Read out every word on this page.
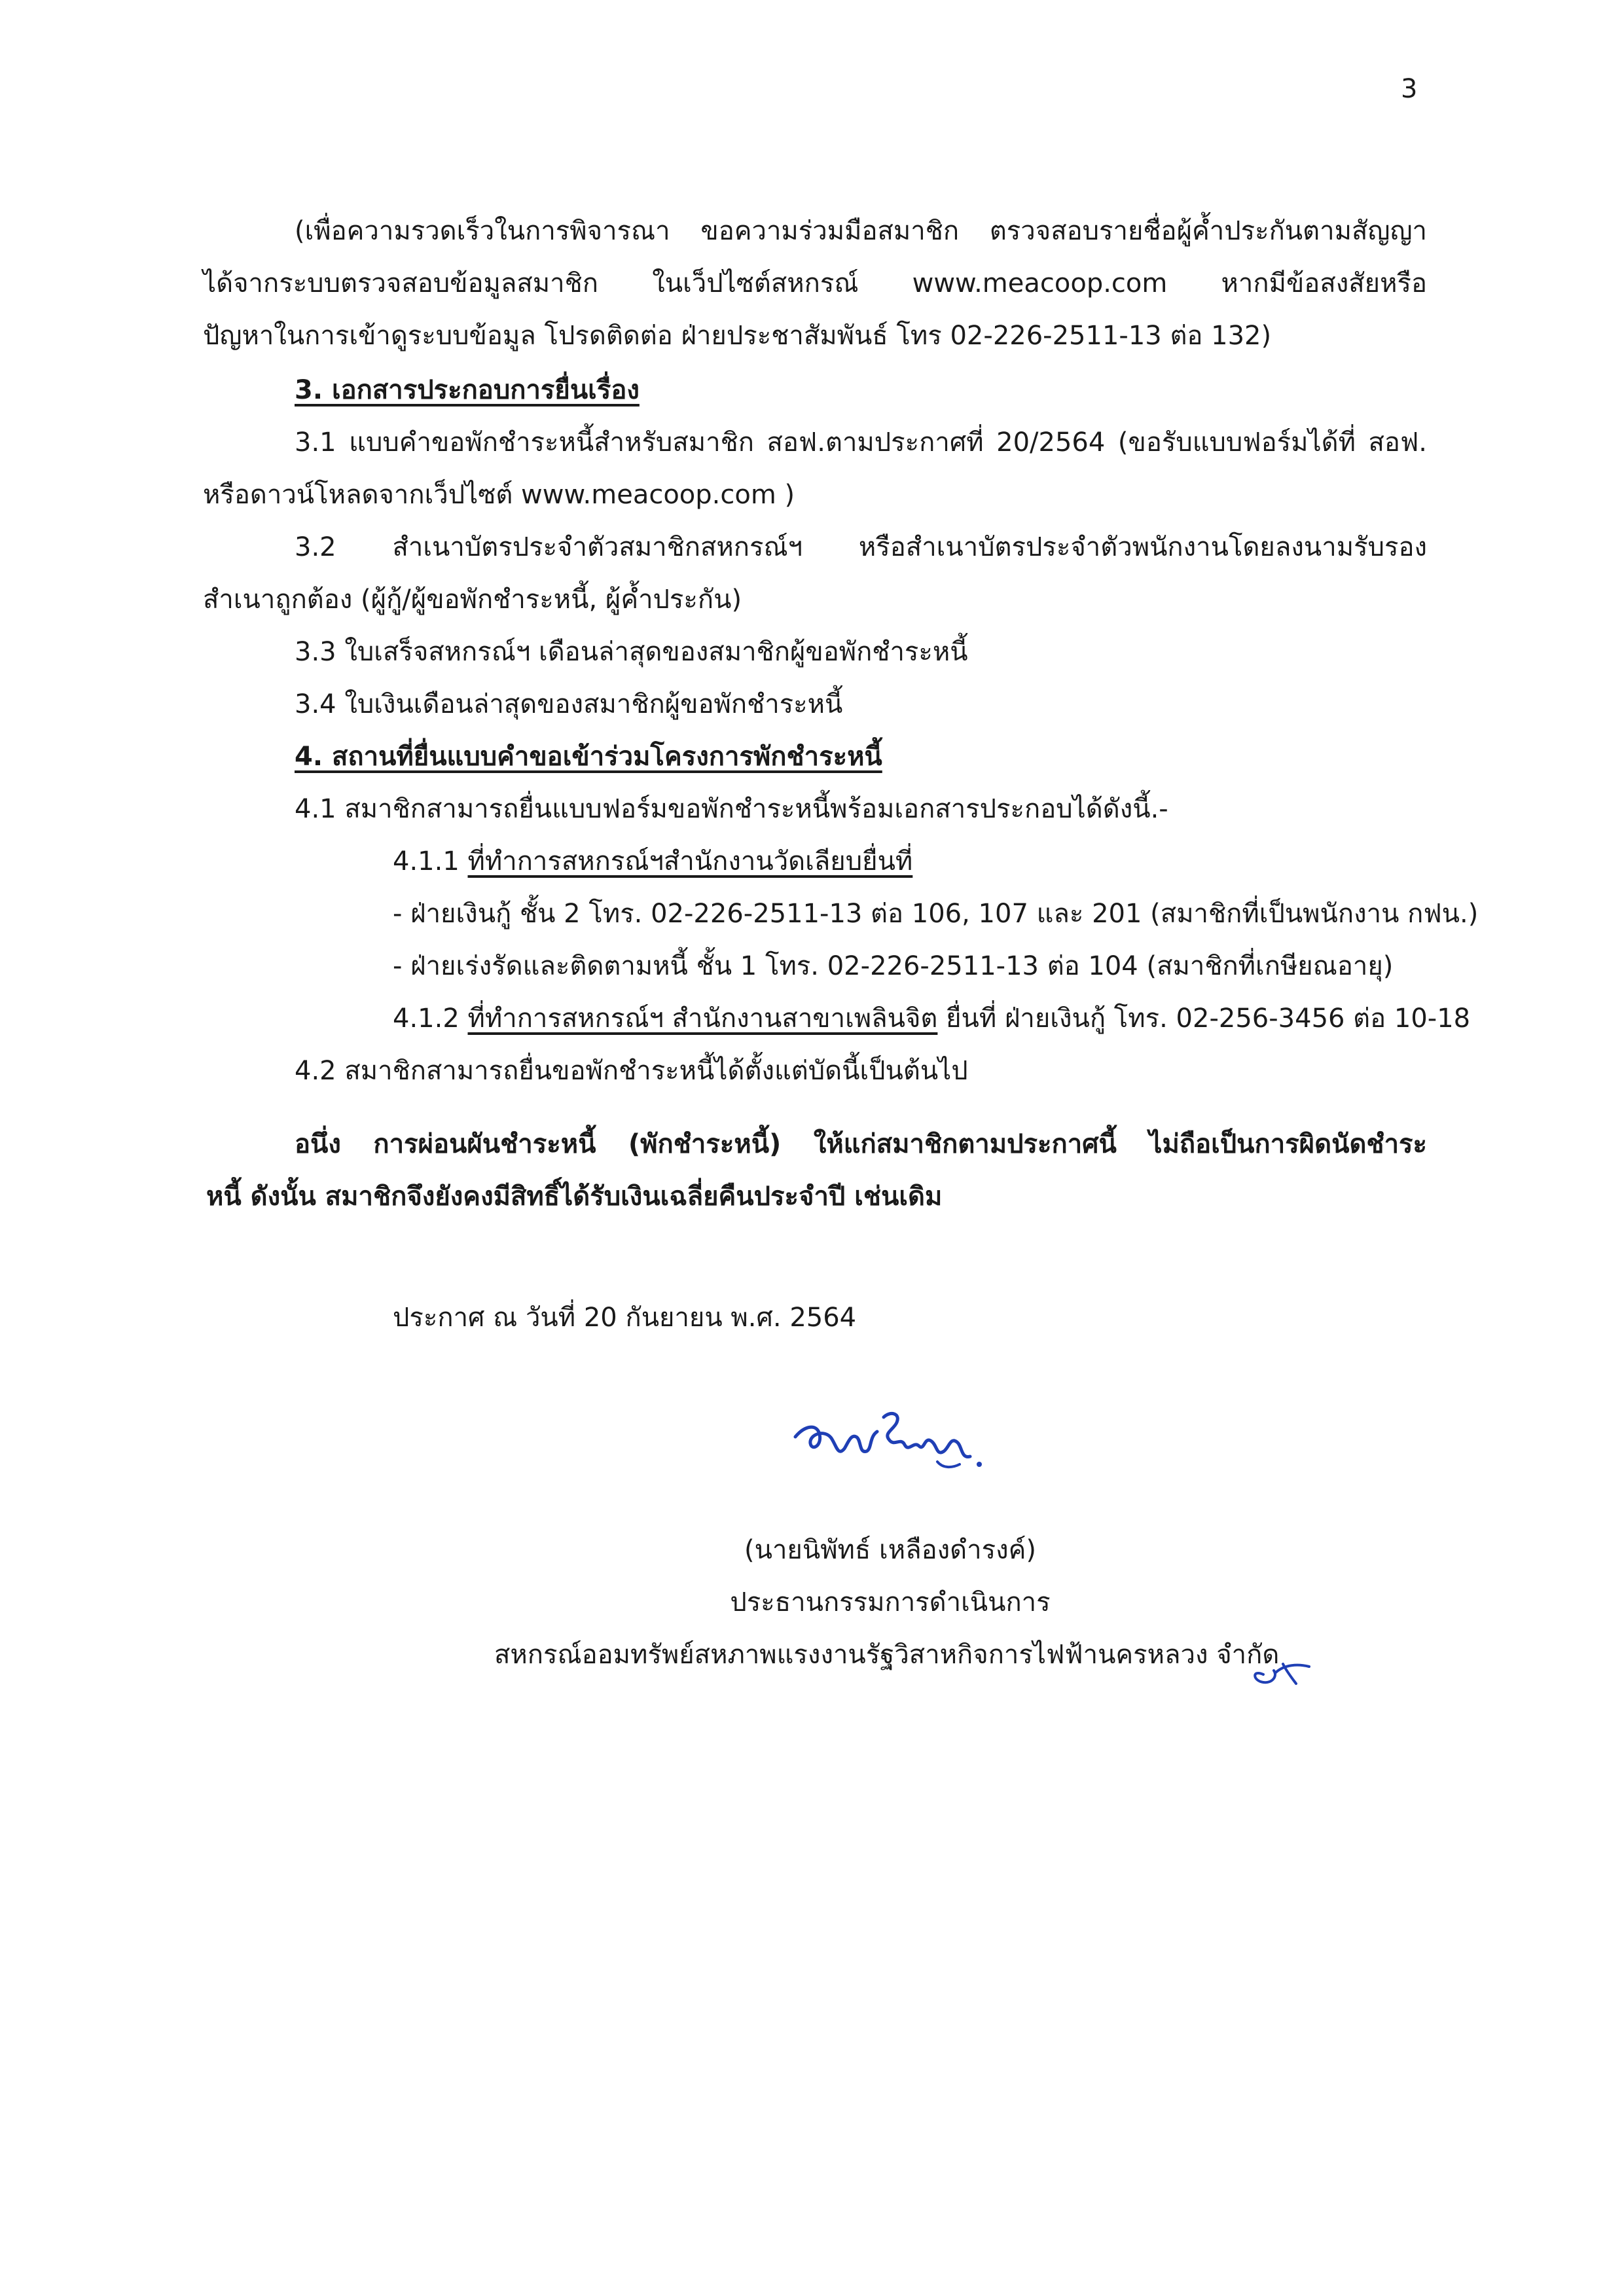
3
(เพื่อความรวดเร็วในการพิจารณา ขอความร่วมมือสมาชิก ตรวจสอบรายชื่อผู้ค้ำประกันตามสัญญา
ได้จากระบบตรวจสอบข้อมูลสมาชิก ในเว็ปไซต์สหกรณ์ www.meacoop.com หากมีข้อสงสัยหรือ
ปัญหาในการเข้าดูระบบข้อมูล โปรดติดต่อ ฝ่ายประชาสัมพันธ์ โทร 02-226-2511-13 ต่อ 132)
3. เอกสารประกอบการยื่นเรื่อง
3.1 แบบคำขอพักชำระหนี้สำหรับสมาชิก สอฟ.ตามประกาศที่ 20/2564 (ขอรับแบบฟอร์มได้ที่ สอฟ.
หรือดาวน์โหลดจากเว็ปไซต์ www.meacoop.com )
3.2 สำเนาบัตรประจำตัวสมาชิกสหกรณ์ฯ หรือสำเนาบัตรประจำตัวพนักงานโดยลงนามรับรอง
สำเนาถูกต้อง (ผู้กู้/ผู้ขอพักชำระหนี้, ผู้ค้ำประกัน)
3.3 ใบเสร็จสหกรณ์ฯ เดือนล่าสุดของสมาชิกผู้ขอพักชำระหนี้
3.4 ใบเงินเดือนล่าสุดของสมาชิกผู้ขอพักชำระหนี้
4. สถานที่ยื่นแบบคำขอเข้าร่วมโครงการพักชำระหนี้
4.1 สมาชิกสามารถยื่นแบบฟอร์มขอพักชำระหนี้พร้อมเอกสารประกอบได้ดังนี้.-
4.1.1 ที่ทำการสหกรณ์ฯสำนักงานวัดเลียบยื่นที่
- ฝ่ายเงินกู้ ชั้น 2 โทร. 02-226-2511-13 ต่อ 106, 107 และ 201 (สมาชิกที่เป็นพนักงาน กฟน.)
- ฝ่ายเร่งรัดและติดตามหนี้ ชั้น 1 โทร. 02-226-2511-13 ต่อ 104 (สมาชิกที่เกษียณอายุ)
4.1.2 ที่ทำการสหกรณ์ฯ สำนักงานสาขาเพลินจิต ยื่นที่ ฝ่ายเงินกู้ โทร. 02-256-3456 ต่อ 10-18
4.2 สมาชิกสามารถยื่นขอพักชำระหนี้ได้ตั้งแต่บัดนี้เป็นต้นไป
อนึ่ง การผ่อนผันชำระหนี้ (พักชำระหนี้) ให้แก่สมาชิกตามประกาศนี้ ไม่ถือเป็นการผิดนัดชำระ
หนี้ ดังนั้น สมาชิกจึงยังคงมีสิทธิ์ได้รับเงินเฉลี่ยคืนประจำปี เช่นเดิม
ประกาศ ณ วันที่ 20 กันยายน พ.ศ. 2564
(นายนิพัทธ์ เหลืองดำรงค์)
ประธานกรรมการดำเนินการ
สหกรณ์ออมทรัพย์สหภาพแรงงานรัฐวิสาหกิจการไฟฟ้านครหลวง จำกัด
